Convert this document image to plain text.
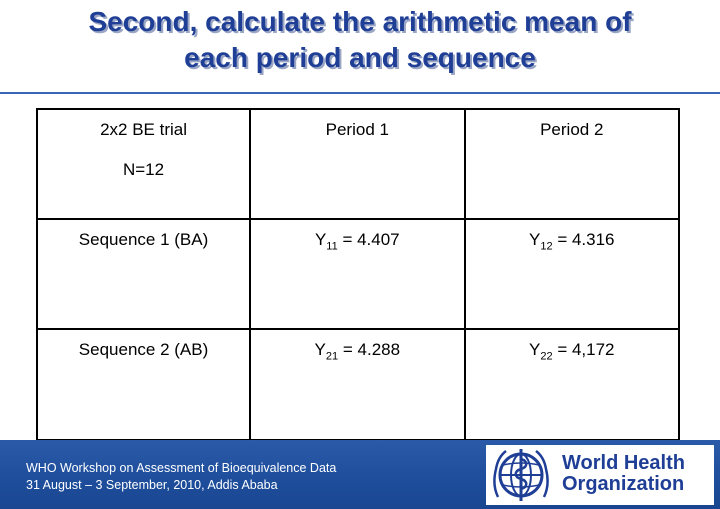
Second, calculate the arithmetic mean of
each period and sequence
2x2 BE trial
N=12	Period 1	Period 2
Sequence 1 (BA)	$Y_{11} = 4.407$	$Y_{12} = 4.316$
Sequence 2 (AB)	$Y_{21} = 4.288$	$Y_{22} = 4,172$
WHO Workshop on Assessment of Bioequivalence Data
31 August – 3 September, 2010, Addis Ababa
World Health
Organization
